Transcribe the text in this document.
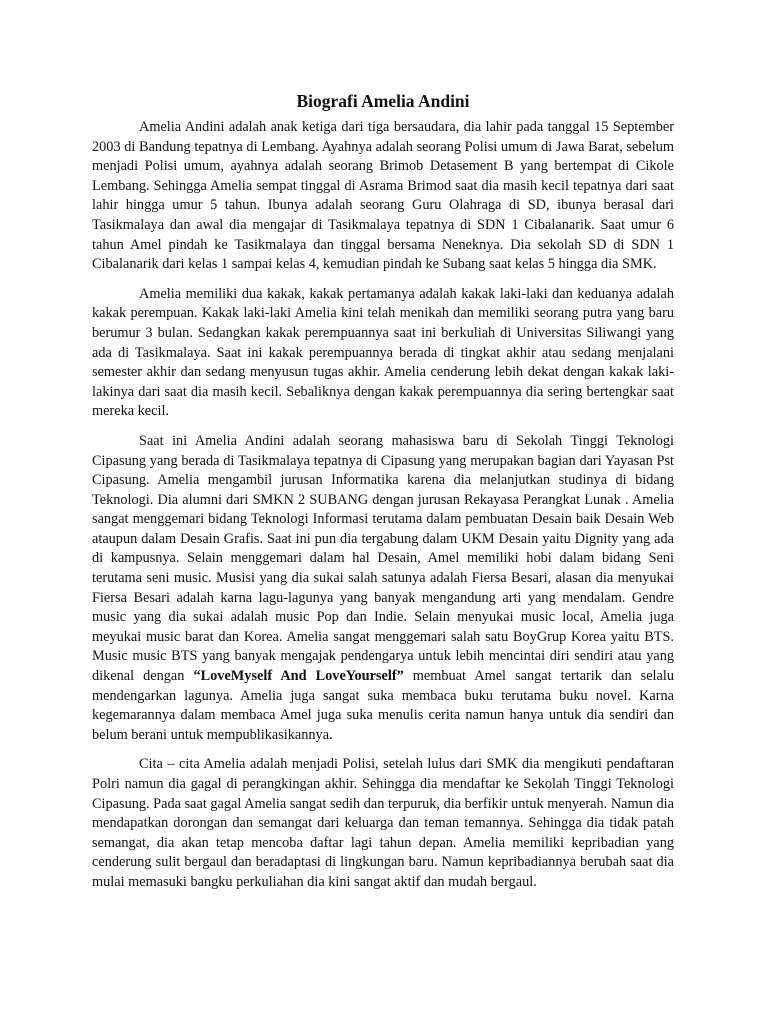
Biografi Amelia Andini

Amelia Andini adalah anak ketiga dari tiga bersaudara, dia lahir pada tanggal 15 September 2003 di Bandung tepatnya di Lembang. Ayahnya adalah seorang Polisi umum di Jawa Barat, sebelum menjadi Polisi umum, ayahnya adalah seorang Brimob Detasement B yang bertempat di Cikole Lembang. Sehingga Amelia sempat tinggal di Asrama Brimod saat dia masih kecil tepatnya dari saat lahir hingga umur 5 tahun. Ibunya adalah seorang Guru Olahraga di SD, ibunya berasal dari Tasikmalaya dan awal dia mengajar di Tasikmalaya tepatnya di SDN 1 Cibalanarik. Saat umur 6 tahun Amel pindah ke Tasikmalaya dan tinggal bersama Neneknya. Dia sekolah SD di SDN 1 Cibalanarik dari kelas 1 sampai kelas 4, kemudian pindah ke Subang saat kelas 5 hingga dia SMK.

Amelia memiliki dua kakak, kakak pertamanya adalah kakak laki-laki dan keduanya adalah kakak perempuan. Kakak laki-laki Amelia kini telah menikah dan memiliki seorang putra yang baru berumur 3 bulan. Sedangkan kakak perempuannya saat ini berkuliah di Universitas Siliwangi yang ada di Tasikmalaya. Saat ini kakak perempuannya berada di tingkat akhir atau sedang menjalani semester akhir dan sedang menyusun tugas akhir. Amelia cenderung lebih dekat dengan kakak laki-lakinya dari saat dia masih kecil. Sebaliknya dengan kakak perempuannya dia sering bertengkar saat mereka kecil.

Saat ini Amelia Andini adalah seorang mahasiswa baru di Sekolah Tinggi Teknologi Cipasung yang berada di Tasikmalaya tepatnya di Cipasung yang merupakan bagian dari Yayasan Pst Cipasung. Amelia mengambil jurusan Informatika karena dia melanjutkan studinya di bidang Teknologi. Dia alumni dari SMKN 2 SUBANG dengan jurusan Rekayasa Perangkat Lunak . Amelia sangat menggemari bidang Teknologi Informasi terutama dalam pembuatan Desain baik Desain Web ataupun dalam Desain Grafis. Saat ini pun dia tergabung dalam UKM Desain yaitu Dignity yang ada di kampusnya. Selain menggemari dalam hal Desain, Amel memiliki hobi dalam bidang Seni terutama seni music. Musisi yang dia sukai salah satunya adalah Fiersa Besari, alasan dia menyukai Fiersa Besari adalah karna lagu-lagunya yang banyak mengandung arti yang mendalam. Gendre music yang dia sukai adalah music Pop dan Indie. Selain menyukai music local, Amelia juga meyukai music barat dan Korea. Amelia sangat menggemari salah satu BoyGrup Korea yaitu BTS. Music music BTS yang banyak mengajak pendengarya untuk lebih mencintai diri sendiri atau yang dikenal dengan “LoveMyself And LoveYourself” membuat Amel sangat tertarik dan selalu mendengarkan lagunya. Amelia juga sangat suka membaca buku terutama buku novel. Karna kegemarannya dalam membaca Amel juga suka menulis cerita namun hanya untuk dia sendiri dan belum berani untuk mempublikasikannya.

Cita – cita Amelia adalah menjadi Polisi, setelah lulus dari SMK dia mengikuti pendaftaran Polri namun dia gagal di perangkingan akhir. Sehingga dia mendaftar ke Sekolah Tinggi Teknologi Cipasung. Pada saat gagal Amelia sangat sedih dan terpuruk, dia berfikir untuk menyerah. Namun dia mendapatkan dorongan dan semangat dari keluarga dan teman temannya. Sehingga dia tidak patah semangat, dia akan tetap mencoba daftar lagi tahun depan. Amelia memiliki kepribadian yang cenderung sulit bergaul dan beradaptasi di lingkungan baru. Namun kepribadiannya berubah saat dia mulai memasuki bangku perkuliahan dia kini sangat aktif dan mudah bergaul.
